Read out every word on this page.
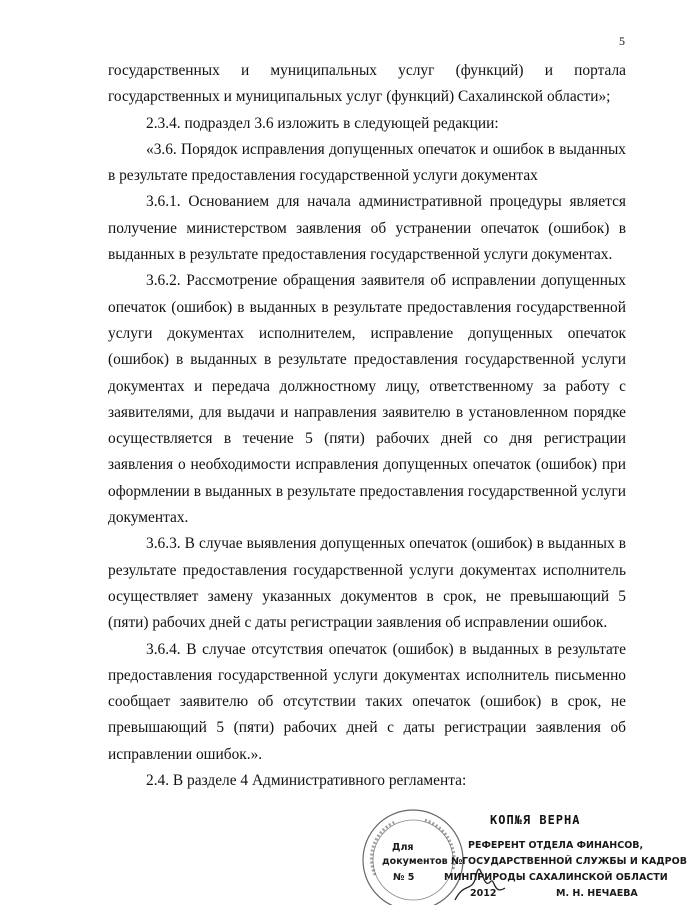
5

государственных и муниципальных услуг (функций) и портала государственных и муниципальных услуг (функций) Сахалинской области»;

2.3.4. подраздел 3.6 изложить в следующей редакции:

«3.6. Порядок исправления допущенных опечаток и ошибок в выданных в результате предоставления государственной услуги документах

3.6.1. Основанием для начала административной процедуры является получение министерством заявления об устранении опечаток (ошибок) в выданных в результате предоставления государственной услуги документах.

3.6.2. Рассмотрение обращения заявителя об исправлении допущенных опечаток (ошибок) в выданных в результате предоставления государственной услуги документах исполнителем, исправление допущенных опечаток (ошибок) в выданных в результате предоставления государственной услуги документах и передача должностному лицу, ответственному за работу с заявителями, для выдачи и направления заявителю в установленном порядке осуществляется в течение 5 (пяти) рабочих дней со дня регистрации заявления о необходимости исправления допущенных опечаток (ошибок) при оформлении в выданных в результате предоставления государственной услуги документах.

3.6.3. В случае выявления допущенных опечаток (ошибок) в выданных в результате предоставления государственной услуги документах исполнитель осуществляет замену указанных документов в срок, не превышающий 5 (пяти) рабочих дней с даты регистрации заявления об исправлении ошибок.

3.6.4. В случае отсутствия опечаток (ошибок) в выданных в результате предоставления государственной услуги документах исполнитель письменно сообщает заявителю об отсутствии таких опечаток (ошибок) в срок, не превышающий 5 (пяти) рабочих дней с даты регистрации заявления об исправлении ошибок.».

2.4. В разделе 4 Административного регламента:

КОП№Я ВЕРНА
Для	РЕФЕРЕНТ ОТДЕЛА ФИНАНСОВ,
документов № ГОСУДАРСТВЕННОЙ СЛУЖБЫ И КАДРОВ
№ 5	МИНПРИРОДЫ САХАЛИНСКОЙ ОБЛАСТИ
2012	М. Н. НЕЧАЕВА
